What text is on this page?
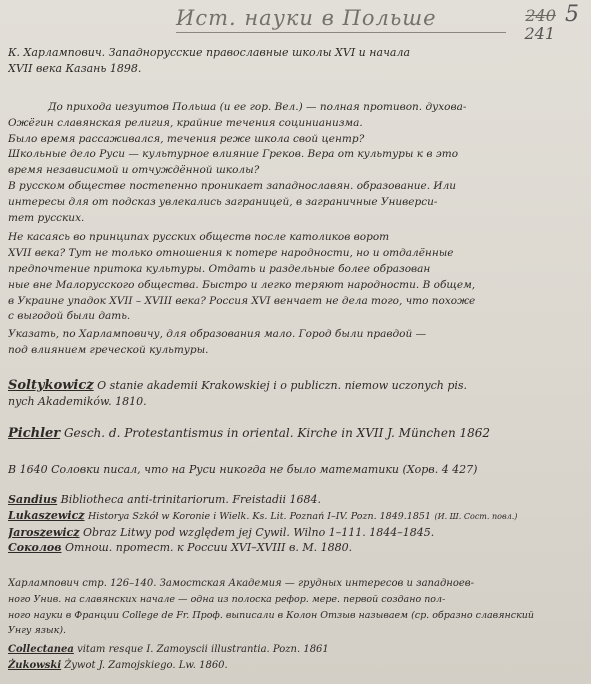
Ист. науки в Польше	240 5
241
К. Харлампович. Западнорусские православные школы XVI и начала
XVII века Казань 1898.
До прихода иезуитов Польша (и ее гор. Вел.) — полная противоп. духова-
Ожёгин славянская религия, крайние течения социнианизма.
Было время рассаживался, течения реже школа свой центр?
Школьные дело Руси — культурное влияние Греков. Вера от культуры к в это
время независимой и отчуждённой школы?
В русском обществе постепенно проникает западнославян. образование. Или
интересы для от подсказ увлекались заграницей, в заграничные Универси-
тет русских.
Не касаясь во принципах русских обществ после католиков ворот
XVII века? Тут не только отношения к потере народности, но и отдалённые
предпочтение притока культуры. Отдать и раздельные более образован
ные вне Малорусского общества. Быстро и легко теряют народности. В общем,
в Украине упадок XVII – XVIII века? Россия XVI венчает не дела того, что похоже
с выгодой были дать.
Указать, по Харламповичу, для образования мало. Город были правдой —
под влиянием греческой культуры.
Soltykowicz O stanie akademii Krakowskiej i o publiczn. niemow uczonych pis.
nych Akademików. 1810.
Pichler Gesch. d. Protestantismus in oriental. Kirche in XVII J. München 1862
В 1640 Соловки писал, что на Руси никогда не было математики (Хорв. 4 427)
Sandius Bibliotheca anti-trinitariorum. Freistadii 1684.
Lukaszewicz Historya Szkół w Koronie i Wielk. Ks. Lit. Poznań I–IV. Pozn. 1849.1851 (И. Ш. Сост. повл.)
Jaroszewicz Obraz Litwy pod względem jej Cywil. Wilno 1–111. 1844–1845.
Соколов Отнош. протест. к России XVI–XVIII в. М. 1880.
Харлампович стр. 126–140. Замостская Академия — грудных интересов и западноев-
ного Унив. на славянских начале — одна из полоска рефор. мере. первой создано пол-
ного науки в Франции College de Fr. Проф. выписали в Колон Отзыв называем (ср. образно славянский
Унгу язык).
Collectanea vitam resque I. Zamoyscii illustrantia. Pozn. 1861
Żukowski Żywot J. Zamojskiego. Lw. 1860.
